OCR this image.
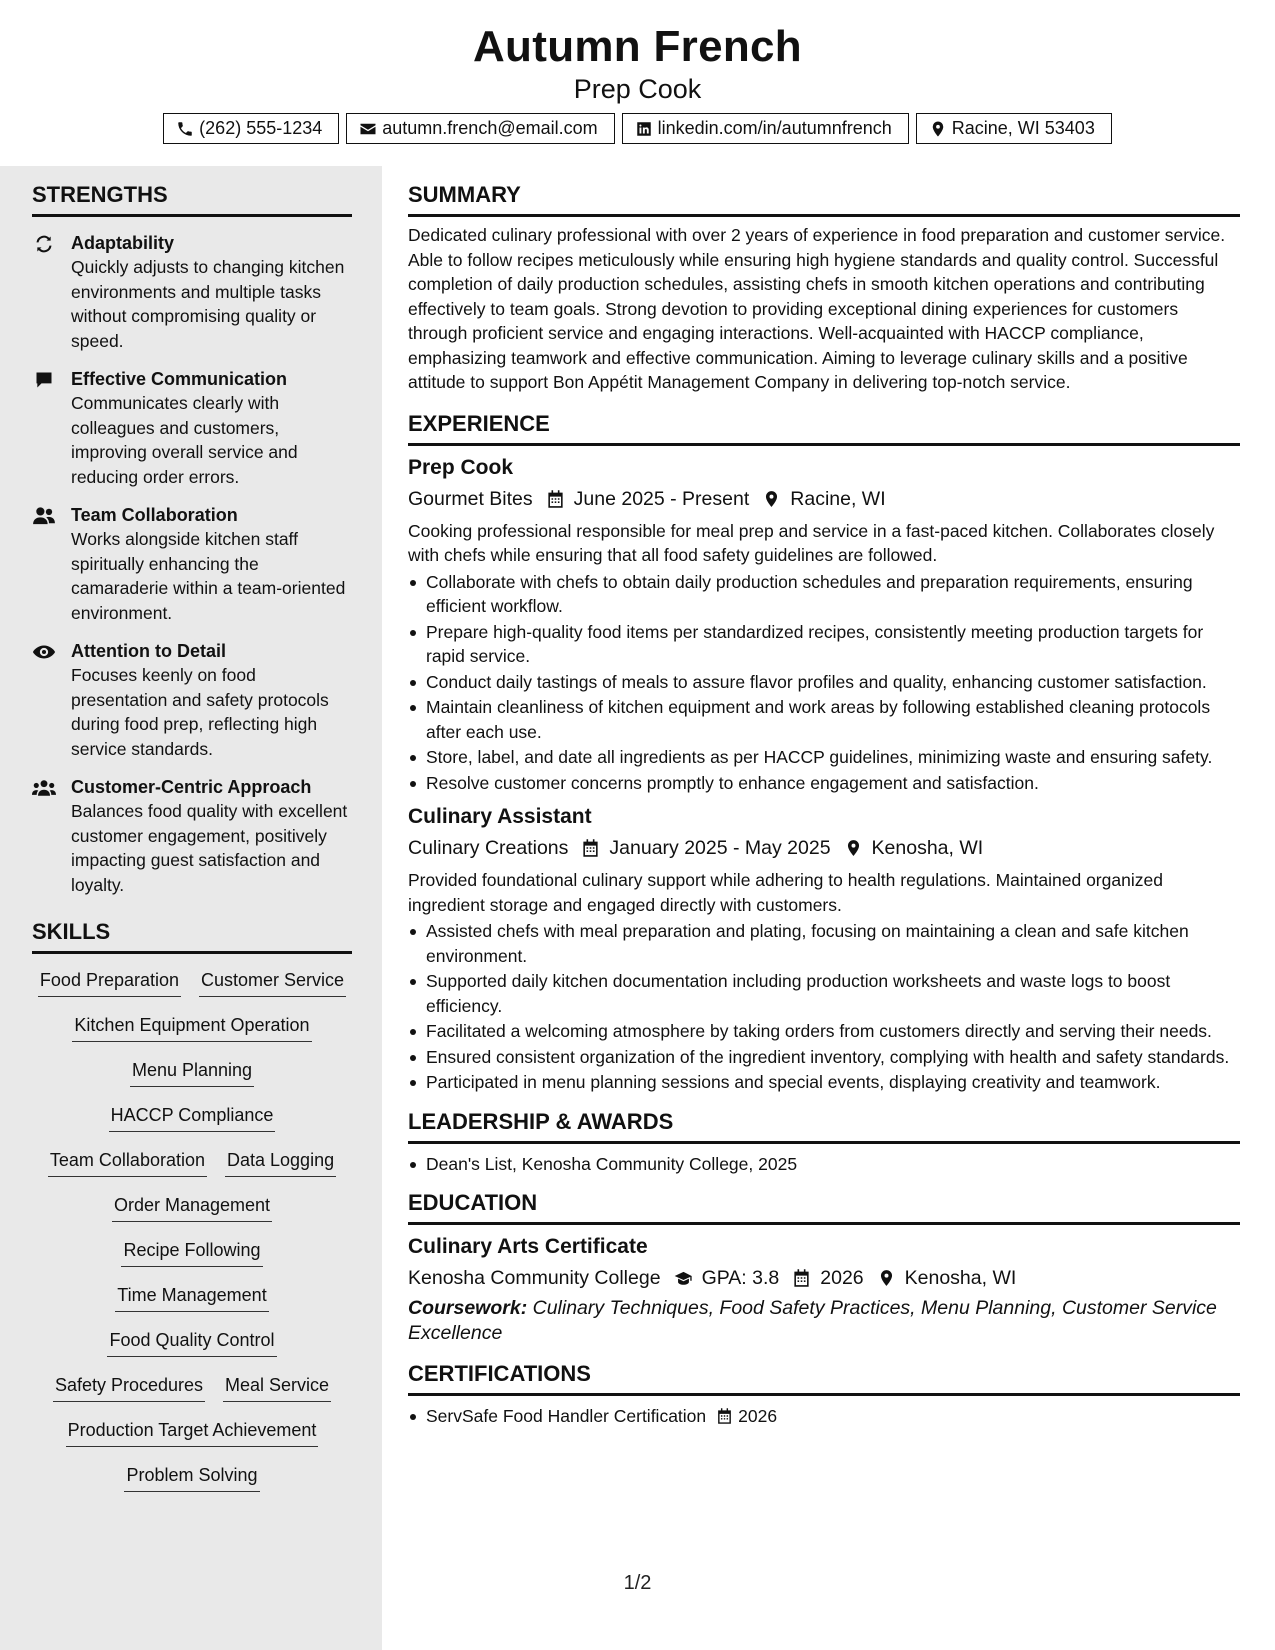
Autumn French
Prep Cook
(262) 555-1234	autumn.french@email.com	linkedin.com/in/autumnfrench	Racine, WI 53403
STRENGTHS
Adaptability
Quickly adjusts to changing kitchen environments and multiple tasks without compromising quality or speed.
Effective Communication
Communicates clearly with colleagues and customers, improving overall service and reducing order errors.
Team Collaboration
Works alongside kitchen staff spiritually enhancing the camaraderie within a team-oriented environment.
Attention to Detail
Focuses keenly on food presentation and safety protocols during food prep, reflecting high service standards.
Customer-Centric Approach
Balances food quality with excellent customer engagement, positively impacting guest satisfaction and loyalty.
SKILLS
Food Preparation Customer Service
Kitchen Equipment Operation
Menu Planning
HACCP Compliance
Team Collaboration Data Logging
Order Management
Recipe Following
Time Management
Food Quality Control
Safety Procedures Meal Service
Production Target Achievement
Problem Solving
SUMMARY
Dedicated culinary professional with over 2 years of experience in food preparation and customer service. Able to follow recipes meticulously while ensuring high hygiene standards and quality control. Successful completion of daily production schedules, assisting chefs in smooth kitchen operations and contributing effectively to team goals. Strong devotion to providing exceptional dining experiences for customers through proficient service and engaging interactions. Well-acquainted with HACCP compliance, emphasizing teamwork and effective communication. Aiming to leverage culinary skills and a positive attitude to support Bon Appétit Management Company in delivering top-notch service.
EXPERIENCE
Prep Cook
Gourmet Bites June 2025 - Present Racine, WI
Cooking professional responsible for meal prep and service in a fast-paced kitchen. Collaborates closely with chefs while ensuring that all food safety guidelines are followed.
Collaborate with chefs to obtain daily production schedules and preparation requirements, ensuring efficient workflow.
Prepare high-quality food items per standardized recipes, consistently meeting production targets for rapid service.
Conduct daily tastings of meals to assure flavor profiles and quality, enhancing customer satisfaction.
Maintain cleanliness of kitchen equipment and work areas by following established cleaning protocols after each use.
Store, label, and date all ingredients as per HACCP guidelines, minimizing waste and ensuring safety.
Resolve customer concerns promptly to enhance engagement and satisfaction.
Culinary Assistant
Culinary Creations January 2025 - May 2025 Kenosha, WI
Provided foundational culinary support while adhering to health regulations. Maintained organized ingredient storage and engaged directly with customers.
Assisted chefs with meal preparation and plating, focusing on maintaining a clean and safe kitchen environment.
Supported daily kitchen documentation including production worksheets and waste logs to boost efficiency.
Facilitated a welcoming atmosphere by taking orders from customers directly and serving their needs.
Ensured consistent organization of the ingredient inventory, complying with health and safety standards.
Participated in menu planning sessions and special events, displaying creativity and teamwork.
LEADERSHIP & AWARDS
Dean's List, Kenosha Community College, 2025
EDUCATION
Culinary Arts Certificate
Kenosha Community College GPA: 3.8 2026 Kenosha, WI
Coursework: Culinary Techniques, Food Safety Practices, Menu Planning, Customer Service Excellence
CERTIFICATIONS
ServSafe Food Handler Certification 2026
1/2
